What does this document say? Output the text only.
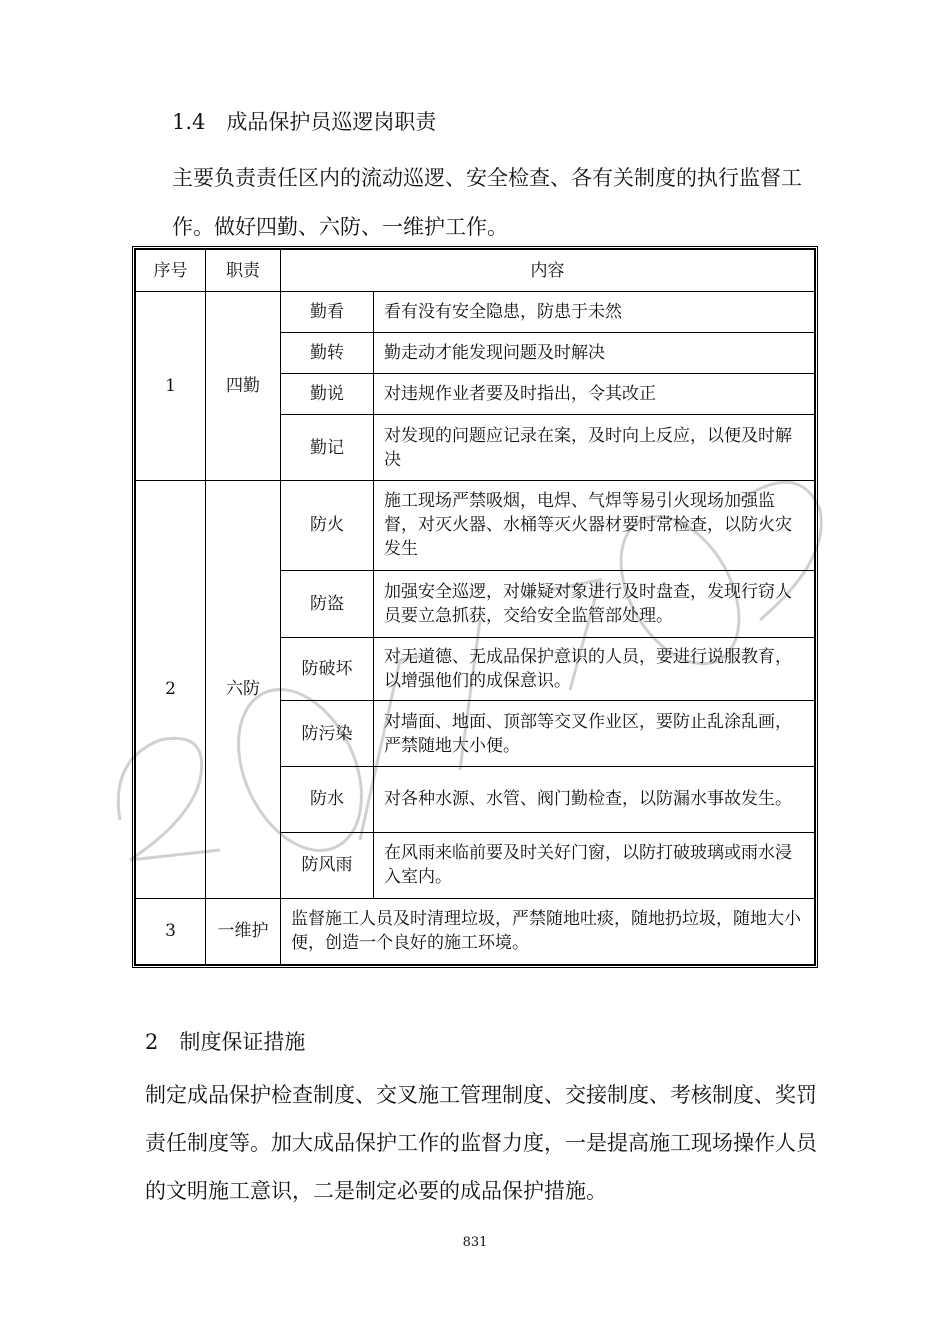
1.4　成品保护员巡逻岗职责
主要负责责任区内的流动巡逻、安全检查、各有关制度的执行监督工作。做好四勤、六防、一维护工作。
序号	职责	内容	
1	四勤	勤看	看有没有安全隐患，防患于未然
		勤转	勤走动才能发现问题及时解决
		勤说	对违规作业者要及时指出，令其改正
		勤记	对发现的问题应记录在案，及时向上反应，以便及时解决
2	六防	防火	施工现场严禁吸烟，电焊、气焊等易引火现场加强监督，对灭火器、水桶等灭火器材要时常检查，以防火灾发生
		防盗	加强安全巡逻，对嫌疑对象进行及时盘查，发现行窃人员要立急抓获，交给安全监管部处理。
		防破坏	对无道德、无成品保护意识的人员，要进行说服教育，以增强他们的成保意识。
		防污染	对墙面、地面、顶部等交叉作业区，要防止乱涂乱画，严禁随地大小便。
		防水	对各种水源、水管、阀门勤检查，以防漏水事故发生。
		防风雨	在风雨来临前要及时关好门窗，以防打破玻璃或雨水浸入室内。
3	一维护	监督施工人员及时清理垃圾，严禁随地吐痰，随地扔垃圾，随地大小便，创造一个良好的施工环境。	
2　制度保证措施
制定成品保护检查制度、交叉施工管理制度、交接制度、考核制度、奖罚责任制度等。加大成品保护工作的监督力度，一是提高施工现场操作人员的文明施工意识，二是制定必要的成品保护措施。
831
